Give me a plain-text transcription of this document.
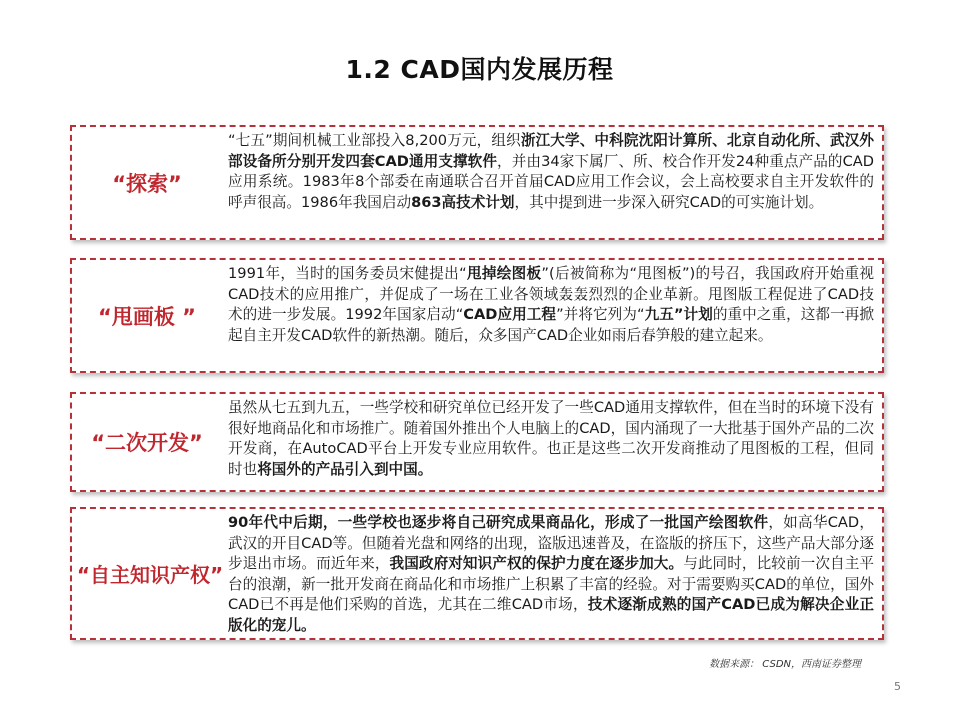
1.2 CAD国内发展历程
“探索”
“七五”期间机械工业部投入8,200万元，组织浙江大学、中科院沈阳计算所、北京自动化所、武汉外部设备所分别开发四套CAD通用支撑软件，并由34家下属厂、所、校合作开发24种重点产品的CAD应用系统。1983年8个部委在南通联合召开首届CAD应用工作会议，会上高校要求自主开发软件的呼声很高。1986年我国启动863高技术计划，其中提到进一步深入研究CAD的可实施计划。
“甩画板 ”
1991年，当时的国务委员宋健提出“甩掉绘图板”(后被简称为“甩图板”)的号召，我国政府开始重视CAD技术的应用推广，并促成了一场在工业各领域轰轰烈烈的企业革新。甩图版工程促进了CAD技术的进一步发展。1992年国家启动“CAD应用工程”并将它列为“九五”计划的重中之重，这都一再掀起自主开发CAD软件的新热潮。随后，众多国产CAD企业如雨后春笋般的建立起来。
“二次开发”
虽然从七五到九五，一些学校和研究单位已经开发了一些CAD通用支撑软件，但在当时的环境下没有很好地商品化和市场推广。随着国外推出个人电脑上的CAD，国内涌现了一大批基于国外产品的二次开发商，在AutoCAD平台上开发专业应用软件。也正是这些二次开发商推动了甩图板的工程，但同时也将国外的产品引入到中国。
“自主知识产权”
90年代中后期，一些学校也逐步将自己研究成果商品化，形成了一批国产绘图软件，如高华CAD，武汉的开目CAD等。但随着光盘和网络的出现，盗版迅速普及，在盗版的挤压下，这些产品大部分逐步退出市场。而近年来，我国政府对知识产权的保护力度在逐步加大。与此同时，比较前一次自主平台的浪潮，新一批开发商在商品化和市场推广上积累了丰富的经验。对于需要购买CAD的单位，国外CAD已不再是他们采购的首选，尤其在二维CAD市场，技术逐渐成熟的国产CAD已成为解决企业正版化的宠儿。
数据来源： CSDN，西南证券整理
5
